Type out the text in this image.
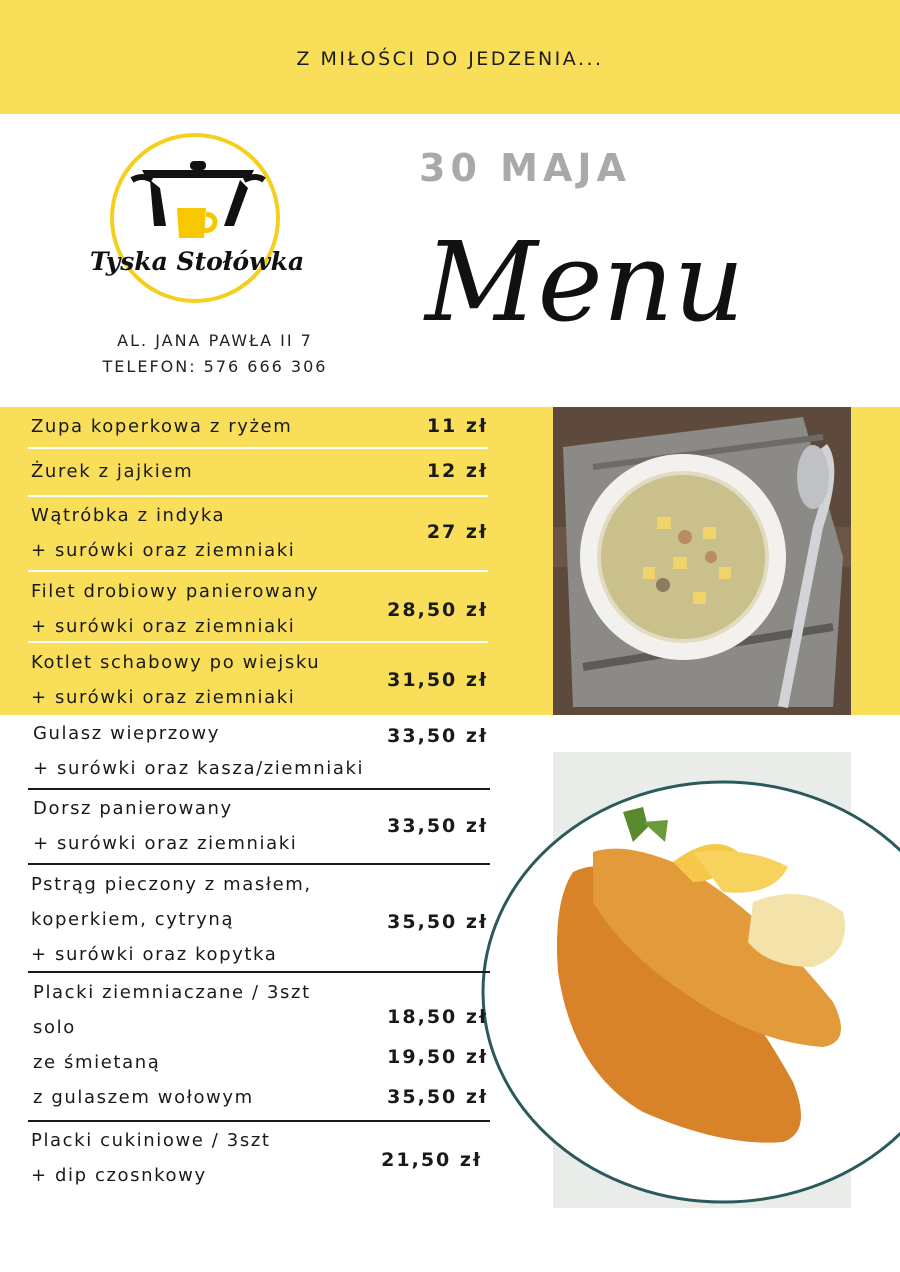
Z MIŁOŚCI DO JEDZENIA...
Tyska Stołówka
AL. JANA PAWŁA II 7
TELEFON: 576 666 306
30 MAJA
Menu
Zupa koperkowa z ryżem	11 zł
Żurek z jajkiem	12 zł
Wątróbka z indyka
+ surówki oraz ziemniaki
27 zł
Filet drobiowy panierowany
+ surówki oraz ziemniaki
28,50 zł
Kotlet schabowy po wiejsku
+ surówki oraz ziemniaki
31,50 zł
Gulasz wieprzowy
+ surówki oraz kasza/ziemniaki
33,50 zł
Dorsz panierowany
+ surówki oraz ziemniaki
33,50 zł
Pstrąg pieczony z masłem,
koperkiem, cytryną
+ surówki oraz kopytka
35,50 zł
Placki ziemniaczane / 3szt
solo
ze śmietaną
z gulaszem wołowym
18,50 zł
19,50 zł
35,50 zł
Placki cukiniowe / 3szt
+ dip czosnkowy
21,50 zł
